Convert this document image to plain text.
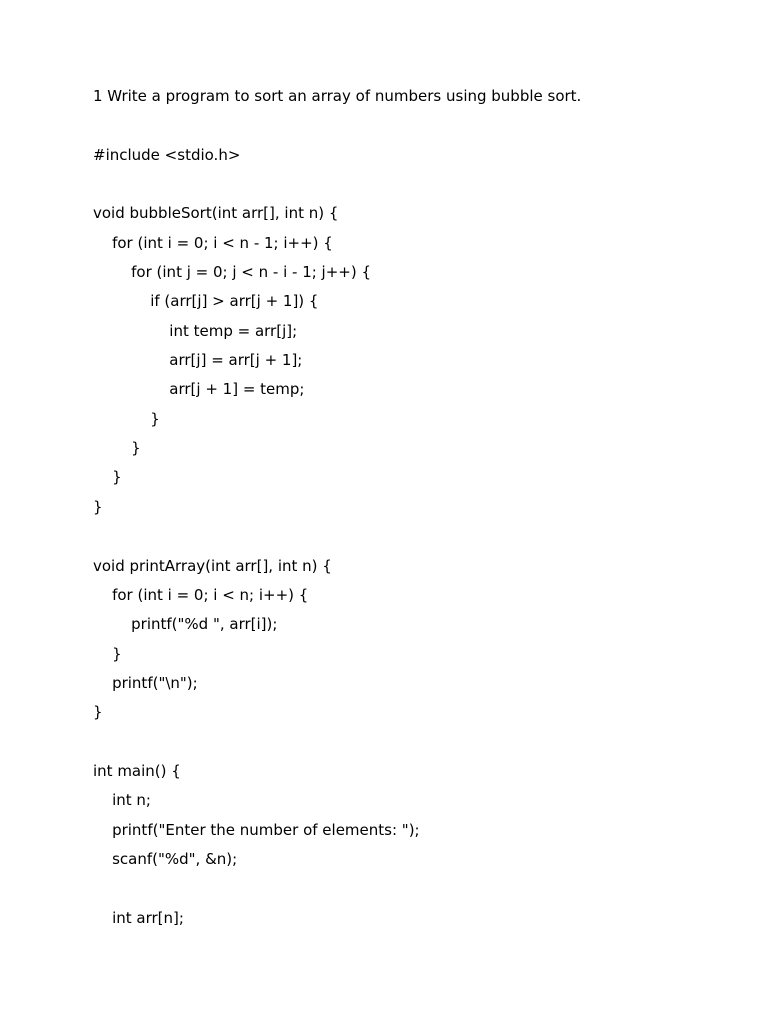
1 Write a program to sort an array of numbers using bubble sort.
#include <stdio.h>
void bubbleSort(int arr[], int n) {
for (int i = 0; i < n - 1; i++) {
for (int j = 0; j < n - i - 1; j++) {
if (arr[j] > arr[j + 1]) {
int temp = arr[j];
arr[j] = arr[j + 1];
arr[j + 1] = temp;
}
}
}
}
void printArray(int arr[], int n) {
for (int i = 0; i < n; i++) {
printf("%d ", arr[i]);
}
printf("\n");
}
int main() {
int n;
printf("Enter the number of elements: ");
scanf("%d", &n);
int arr[n];
